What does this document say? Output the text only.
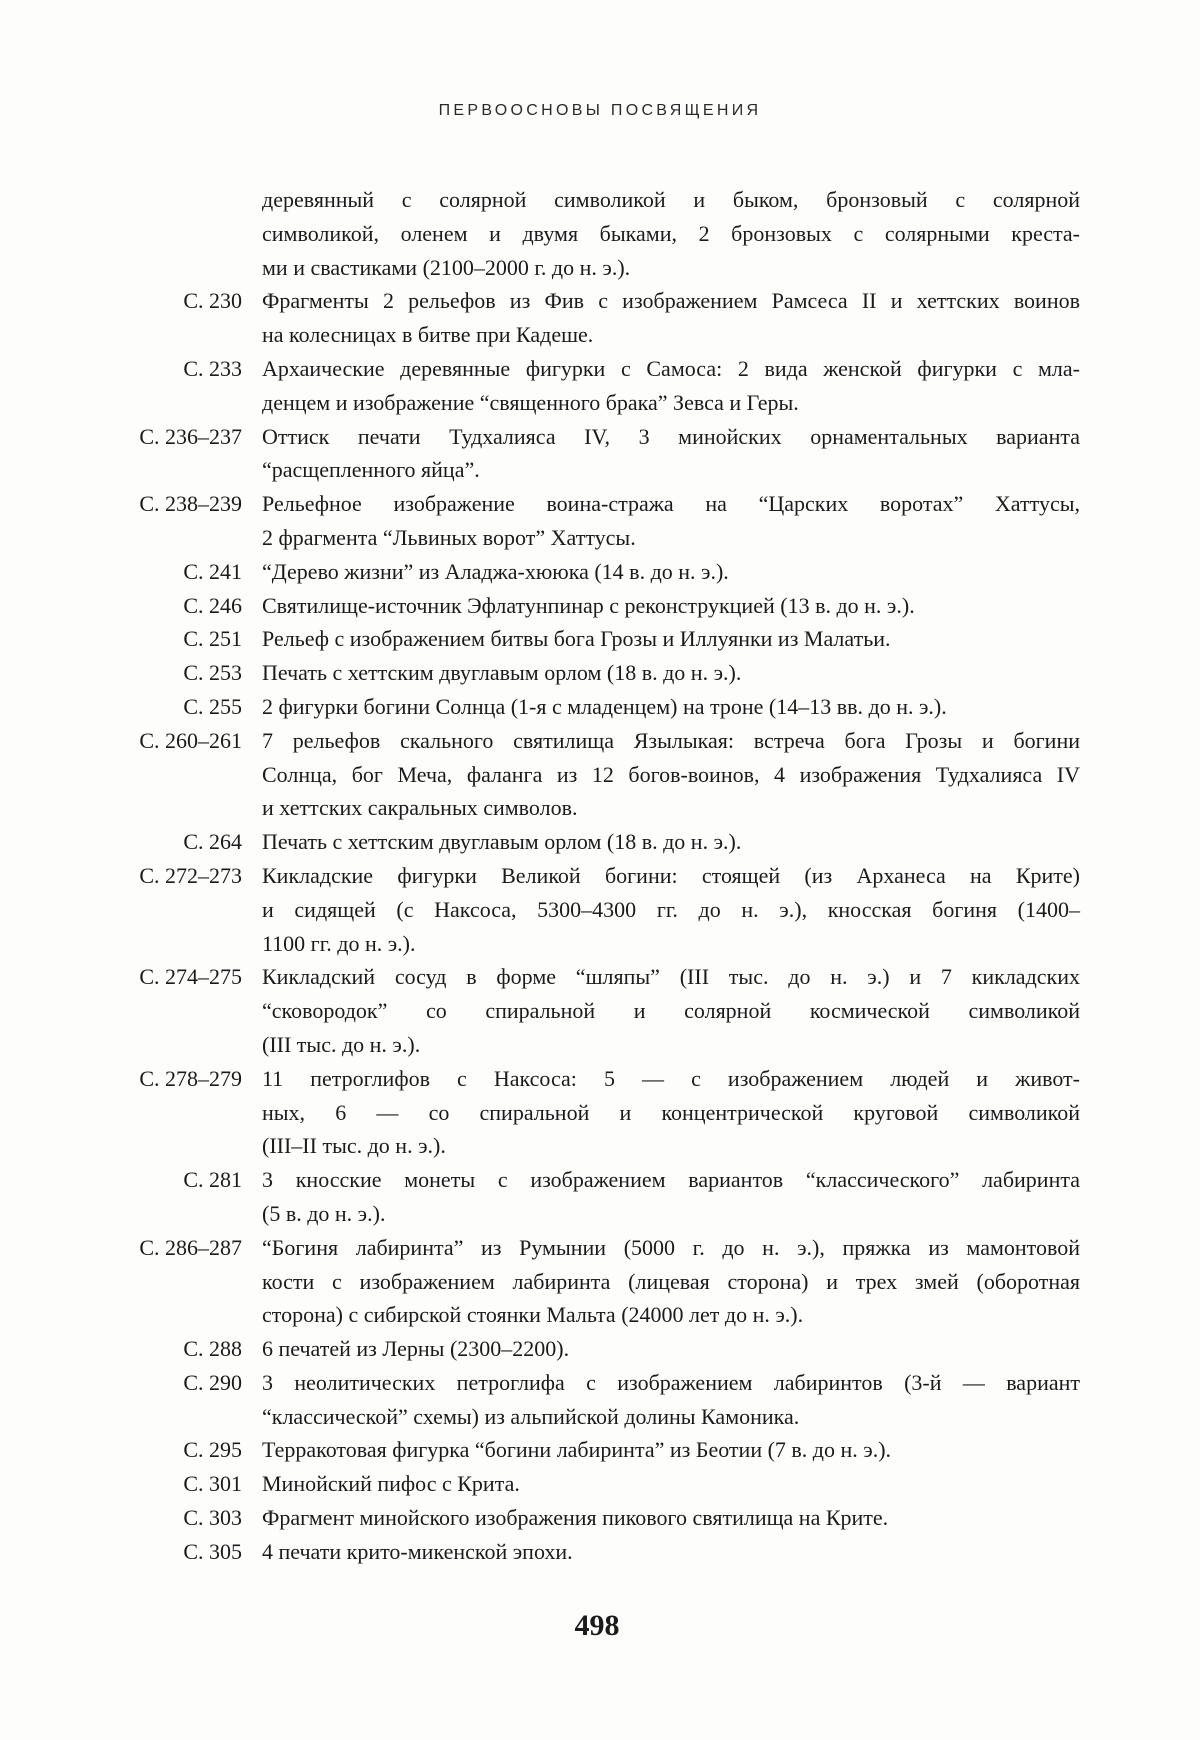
ПЕРВООСНОВЫ ПОСВЯЩЕНИЯ
деревянный с солярной символикой и быком, бронзовый с солярной
символикой, оленем и двумя быками, 2 бронзовых с солярными креста-
ми и свастиками (2100–2000 г. до н. э.).
С. 230 Фрагменты 2 рельефов из Фив с изображением Рамсеса II и хеттских воинов
на колесницах в битве при Кадеше.
С. 233 Архаические деревянные фигурки с Самоса: 2 вида женской фигурки с мла-
денцем и изображение “священного брака” Зевса и Геры.
С. 236–237 Оттиск печати Тудхалияса IV, 3 минойских орнаментальных варианта
“расщепленного яйца”.
С. 238–239 Рельефное изображение воина-стража на “Царских воротах” Хаттусы,
2 фрагмента “Львиных ворот” Хаттусы.
С. 241 “Дерево жизни” из Аладжа-хююка (14 в. до н. э.).
С. 246 Святилище-источник Эфлатунпинар с реконструкцией (13 в. до н. э.).
С. 251 Рельеф с изображением битвы бога Грозы и Иллуянки из Малатьи.
С. 253 Печать с хеттским двуглавым орлом (18 в. до н. э.).
С. 255 2 фигурки богини Солнца (1-я с младенцем) на троне (14–13 вв. до н. э.).
С. 260–261 7 рельефов скального святилища Язылыкая: встреча бога Грозы и богини
Солнца, бог Меча, фаланга из 12 богов-воинов, 4 изображения Тудхалияса IV
и хеттских сакральных символов.
С. 264 Печать с хеттским двуглавым орлом (18 в. до н. э.).
С. 272–273 Кикладские фигурки Великой богини: стоящей (из Арханеса на Крите)
и сидящей (с Наксоса, 5300–4300 гг. до н. э.), кносская богиня (1400–
1100 гг. до н. э.).
С. 274–275 Кикладский сосуд в форме “шляпы” (III тыс. до н. э.) и 7 кикладских
“сковородок” со спиральной и солярной космической символикой
(III тыс. до н. э.).
С. 278–279 11 петроглифов с Наксоса: 5 — с изображением людей и живот-
ных, 6 — со спиральной и концентрической круговой символикой
(III–II тыс. до н. э.).
С. 281 3 кносские монеты с изображением вариантов “классического” лабиринта
(5 в. до н. э.).
С. 286–287 “Богиня лабиринта” из Румынии (5000 г. до н. э.), пряжка из мамонтовой
кости с изображением лабиринта (лицевая сторона) и трех змей (оборотная
сторона) с сибирской стоянки Мальта (24000 лет до н. э.).
С. 288 6 печатей из Лерны (2300–2200).
С. 290 3 неолитических петроглифа с изображением лабиринтов (3-й — вариант
“классической” схемы) из альпийской долины Камоника.
С. 295 Терракотовая фигурка “богини лабиринта” из Беотии (7 в. до н. э.).
С. 301 Минойский пифос с Крита.
С. 303 Фрагмент минойского изображения пикового святилища на Крите.
С. 305 4 печати крито-микенской эпохи.
498
